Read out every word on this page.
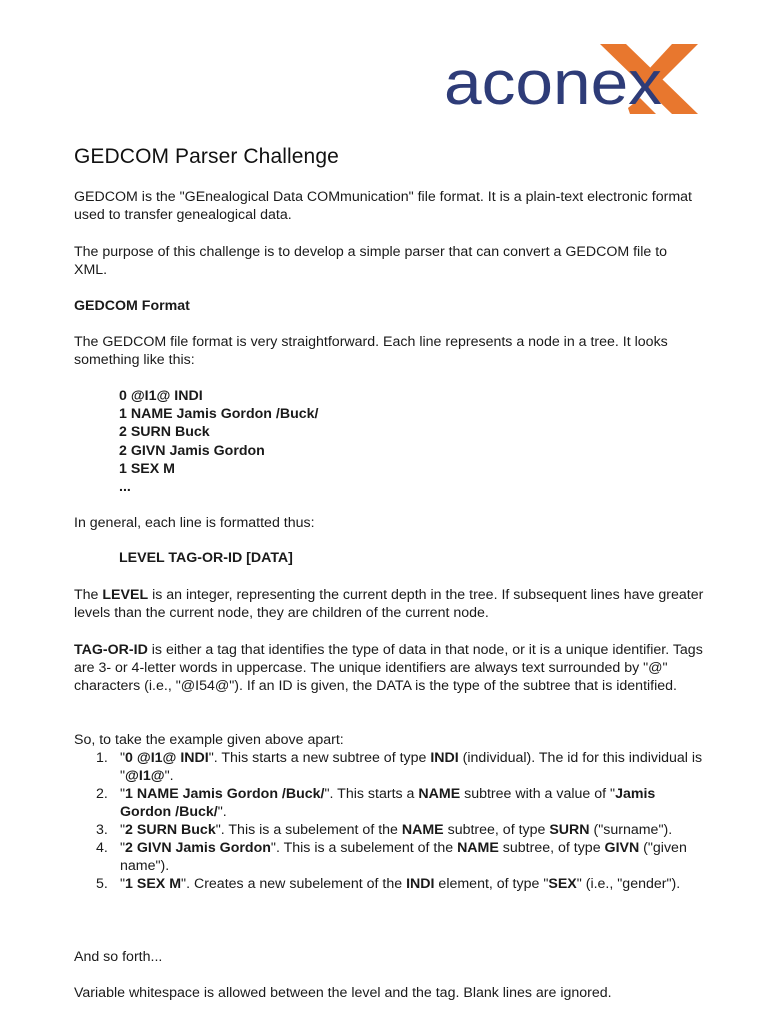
aconex
GEDCOM Parser Challenge

GEDCOM is the "GEnealogical Data COMmunication" file format. It is a plain-text electronic format used to transfer genealogical data.

The purpose of this challenge is to develop a simple parser that can convert a GEDCOM file to XML.

GEDCOM Format

The GEDCOM file format is very straightforward. Each line represents a node in a tree. It looks something like this:

0 @I1@ INDI
1 NAME Jamis Gordon /Buck/
2 SURN Buck
2 GIVN Jamis Gordon
1 SEX M
...

In general, each line is formatted thus:

LEVEL TAG-OR-ID [DATA]

The LEVEL is an integer, representing the current depth in the tree. If subsequent lines have greater levels than the current node, they are children of the current node.

TAG-OR-ID is either a tag that identifies the type of data in that node, or it is a unique identifier. Tags are 3- or 4-letter words in uppercase. The unique identifiers are always text surrounded by "@" characters (i.e., "@I54@"). If an ID is given, the DATA is the type of the subtree that is identified.

So, to take the example given above apart:

1. "0 @I1@ INDI". This starts a new subtree of type INDI (individual). The id for this individual is "@I1@".
2. "1 NAME Jamis Gordon /Buck/". This starts a NAME subtree with a value of "Jamis Gordon /Buck/".
3. "2 SURN Buck". This is a subelement of the NAME subtree, of type SURN ("surname").
4. "2 GIVN Jamis Gordon". This is a subelement of the NAME subtree, of type GIVN ("given name").
5. "1 SEX M". Creates a new subelement of the INDI element, of type "SEX" (i.e., "gender").

And so forth...

Variable whitespace is allowed between the level and the tag. Blank lines are ignored.
